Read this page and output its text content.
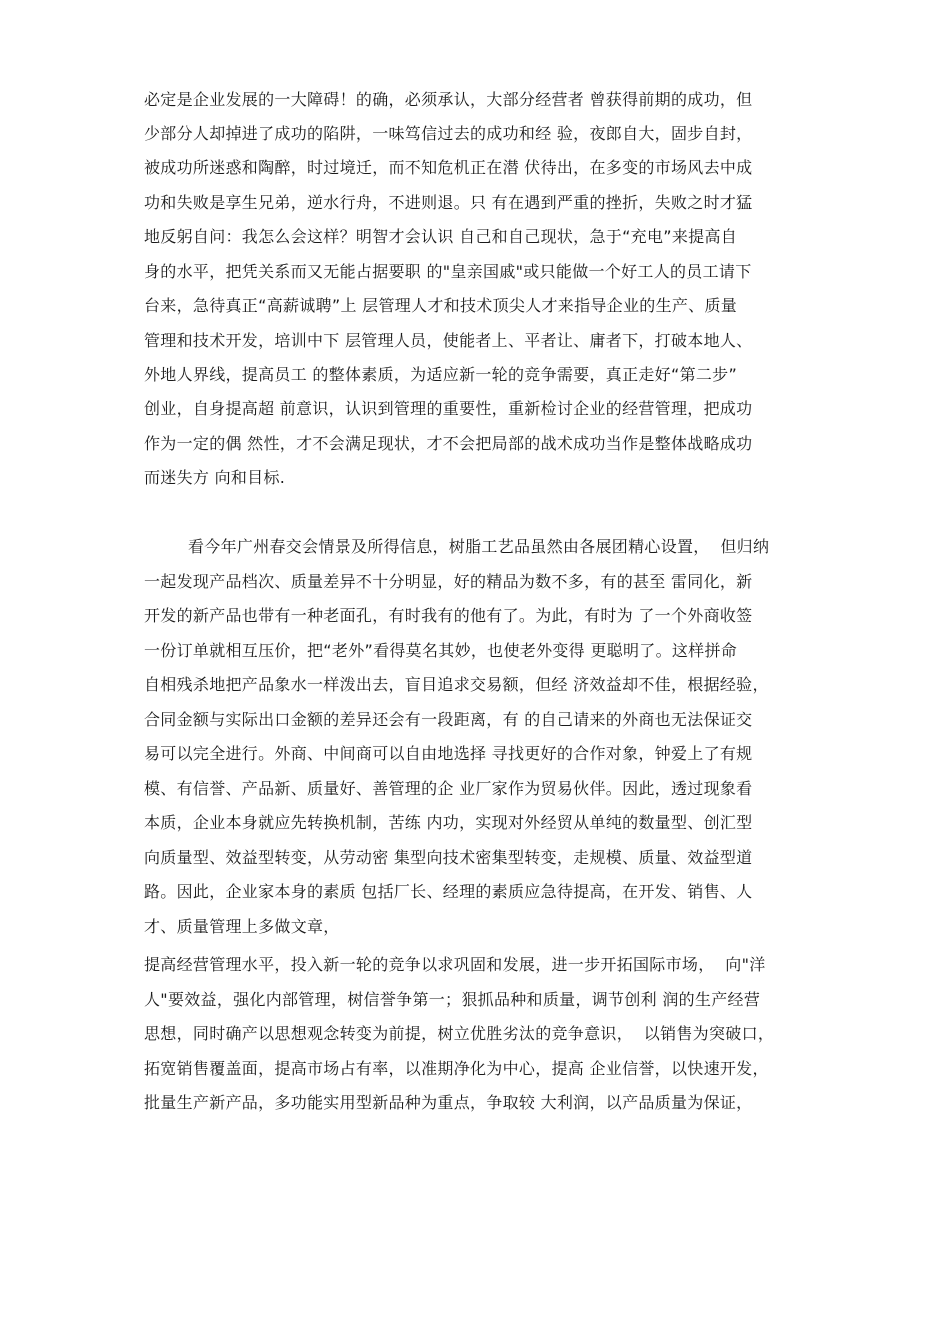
必定是企业发展的一大障碍！的确，必须承认，大部分经营者 曾获得前期的成功，但
少部分人却掉进了成功的陷阱，一味笃信过去的成功和经 验，夜郎自大，固步自封，
被成功所迷惑和陶醉，时过境迁，而不知危机正在潜 伏待出，在多变的市场风去中成
功和失败是享生兄弟，逆水行舟，不进则退。只 有在遇到严重的挫折，失败之时才猛
地反躬自问：我怎么会这样？明智才会认识 自己和自己现状，急于“充电”来提高自
身的水平，把凭关系而又无能占据要职 的"皇亲国戚"或只能做一个好工人的员工请下
台来，急待真正“高薪诚聘”上 层管理人才和技术顶尖人才来指导企业的生产、质量
管理和技术开发，培训中下 层管理人员，使能者上、平者让、庸者下，打破本地人、
外地人界线，提高员工 的整体素质，为适应新一轮的竞争需要，真正走好“第二步”
创业，自身提高超 前意识，认识到管理的重要性，重新检讨企业的经营管理，把成功
作为一定的偶 然性，才不会满足现状，才不会把局部的战术成功当作是整体战略成功
而迷失方 向和目标.
看今年广州春交会情景及所得信息，树脂工艺品虽然由各展团精心设置，  但归纳
一起发现产品档次、质量差异不十分明显，好的精品为数不多，有的甚至 雷同化，新
开发的新产品也带有一种老面孔，有时我有的他有了。为此，有时为 了一个外商收签
一份订单就相互压价，把“老外”看得莫名其妙，也使老外变得 更聪明了。这样拼命
自相残杀地把产品象水一样泼出去，盲目追求交易额，但经 济效益却不佳，根据经验，
合同金额与实际出口金额的差异还会有一段距离，有 的自己请来的外商也无法保证交
易可以完全进行。外商、中间商可以自由地选择 寻找更好的合作对象，钟爱上了有规
模、有信誉、产品新、质量好、善管理的企 业厂家作为贸易伙伴。因此，透过现象看
本质，企业本身就应先转换机制，苦练 内功，实现对外经贸从单纯的数量型、创汇型
向质量型、效益型转变，从劳动密 集型向技术密集型转变，走规模、质量、效益型道
路。因此，企业家本身的素质 包括厂长、经理的素质应急待提高，在开发、销售、人
才、质量管理上多做文章，
提高经营管理水平，投入新一轮的竞争以求巩固和发展，进一步开拓国际市场，  向"洋
人"要效益，强化内部管理，树信誉争第一；狠抓品种和质量，调节创利 润的生产经营
思想，同时确产以思想观念转变为前提，树立优胜劣汰的竞争意识，  以销售为突破口，
拓宽销售覆盖面，提高市场占有率，以准期净化为中心，提高 企业信誉，以快速开发，
批量生产新产品，多功能实用型新品种为重点，争取较 大利润，以产品质量为保证，
